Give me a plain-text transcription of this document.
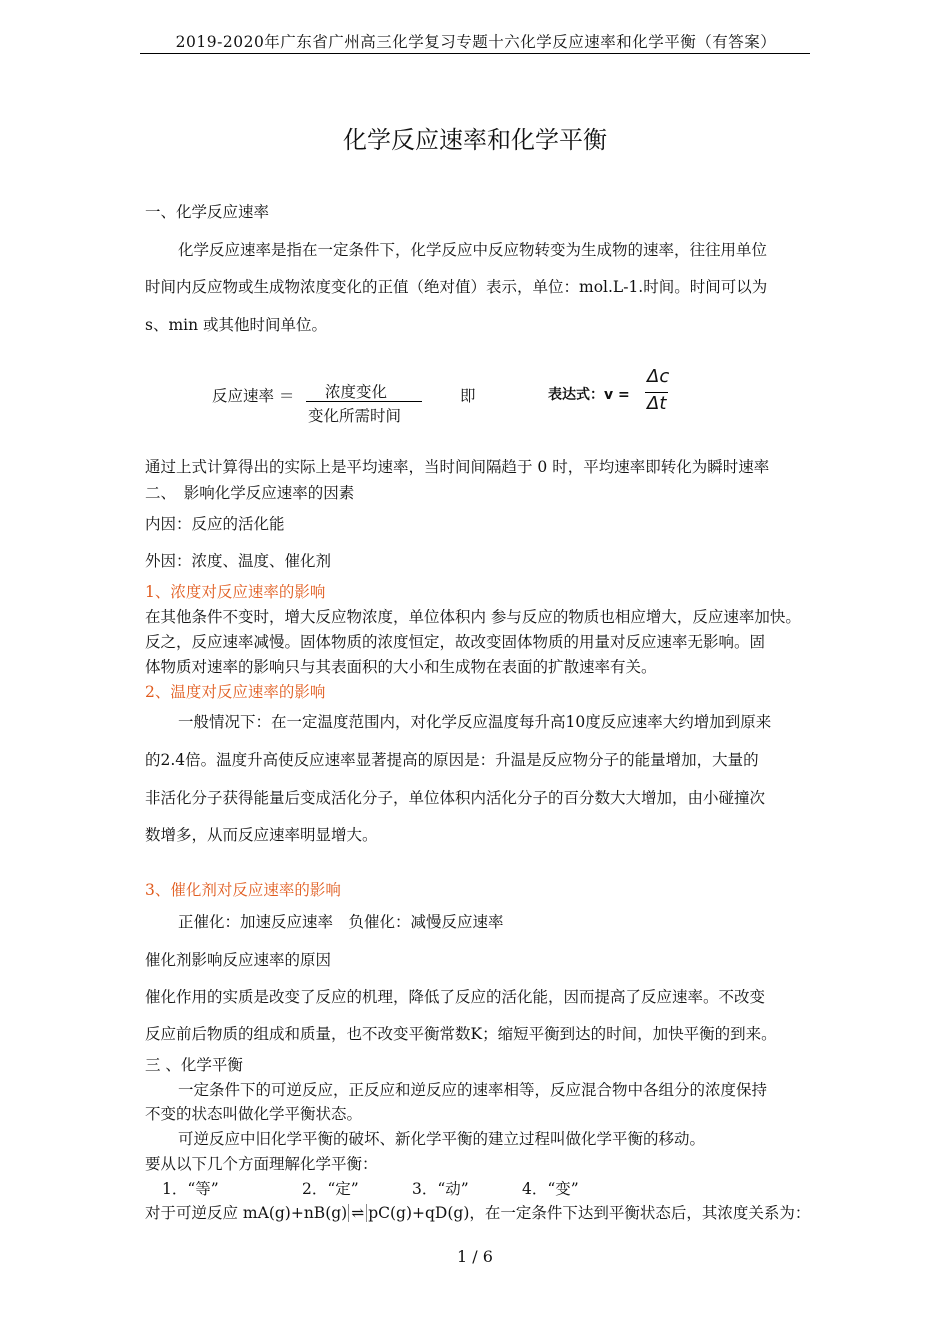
2019-2020年广东省广州高三化学复习专题十六化学反应速率和化学平衡（有答案）
化学反应速率和化学平衡
一、化学反应速率
化学反应速率是指在一定条件下，化学反应中反应物转变为生成物的速率，往往用单位
时间内反应物或生成物浓度变化的正值（绝对值）表示，单位：mol.L-1.时间。时间可以为
s、min 或其他时间单位。
反应速率 ＝ 浓度变化
变化所需时间
即	表达式：v =
Δc
Δt
通过上式计算得出的实际上是平均速率，当时间间隔趋于 0 时，平均速率即转化为瞬时速率
二、　影响化学反应速率的因素
内因：反应的活化能
外因：浓度、温度、催化剂
1、浓度对反应速率的影响
在其他条件不变时，增大反应物浓度，单位体积内 参与反应的物质也相应增大，反应速率加快。
反之，反应速率减慢。固体物质的浓度恒定，故改变固体物质的用量对反应速率无影响。固
体物质对速率的影响只与其表面积的大小和生成物在表面的扩散速率有关。
2、温度对反应速率的影响
一般情况下：在一定温度范围内，对化学反应温度每升高10度反应速率大约增加到原来
的2.4倍。温度升高使反应速率显著提高的原因是：升温是反应物分子的能量增加，大量的
非活化分子获得能量后变成活化分子，单位体积内活化分子的百分数大大增加，由小碰撞次
数增多，从而反应速率明显增大。
3、催化剂对反应速率的影响
正催化：加速反应速率　负催化：减慢反应速率
催化剂影响反应速率的原因
催化作用的实质是改变了反应的机理，降低了反应的活化能，因而提高了反应速率。不改变
反应前后物质的组成和质量，也不改变平衡常数K；缩短平衡到达的时间，加快平衡的到来。
三 、化学平衡
一定条件下的可逆反应，正反应和逆反应的速率相等，反应混合物中各组分的浓度保持
不变的状态叫做化学平衡状态。
可逆反应中旧化学平衡的破坏、新化学平衡的建立过程叫做化学平衡的移动。
要从以下几个方面理解化学平衡：
1．“等”	2．“定”	3．“动”	4．“变”
对于可逆反应 mA(g)+nB(g) ⇌ pC(g)+qD(g)，在一定条件下达到平衡状态后，其浓度关系为：
1 / 6
